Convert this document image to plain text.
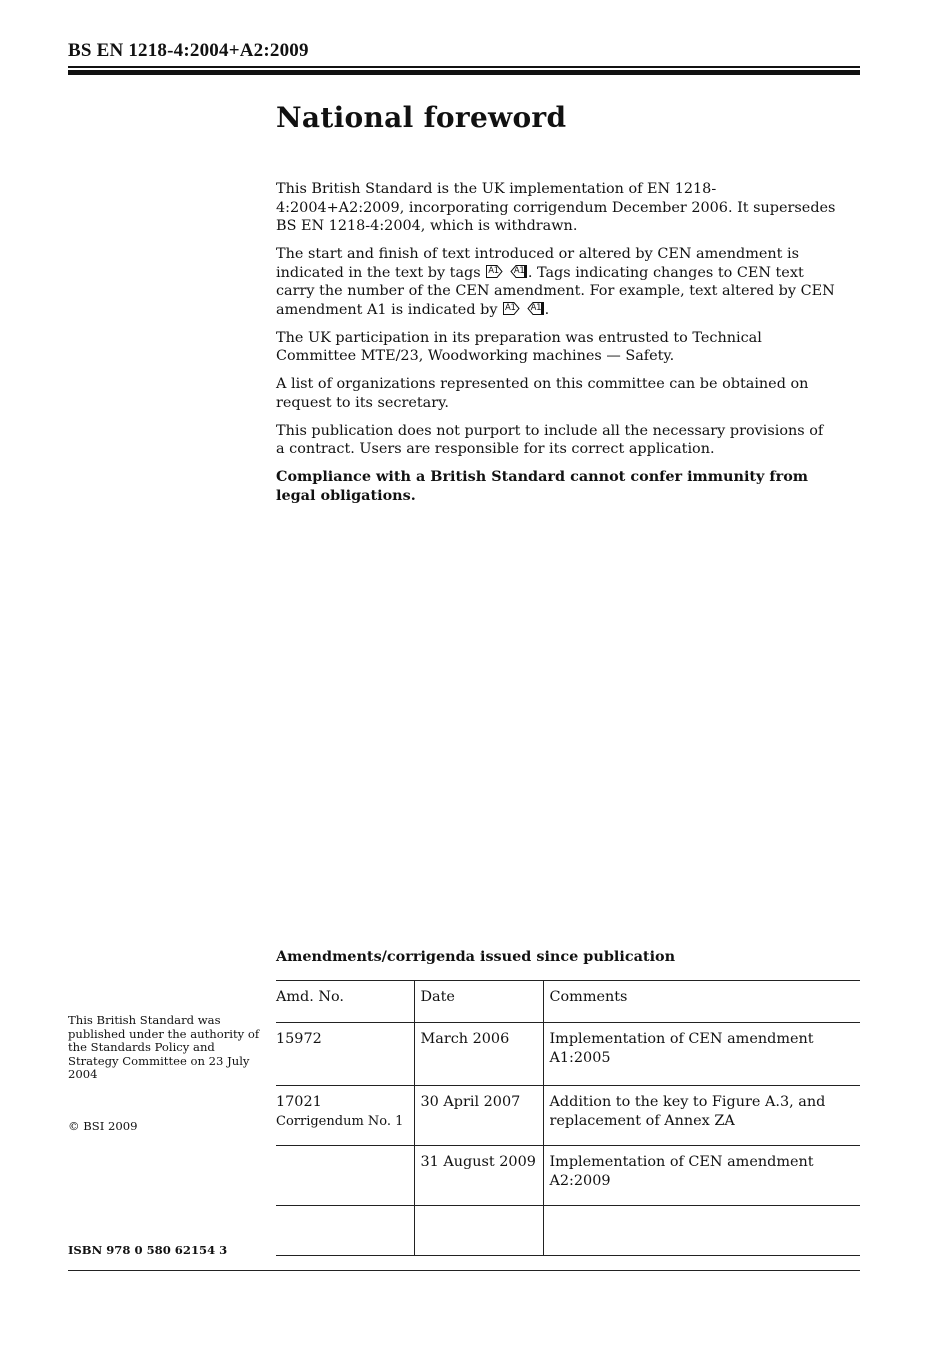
BS EN 1218-4:2004+A2:2009
National foreword

This British Standard is the UK implementation of EN 1218-4:2004+A2:2009, incorporating corrigendum December 2006. It supersedes BS EN 1218-4:2004, which is withdrawn.

The start and finish of text introduced or altered by CEN amendment is indicated in the text by tags A1
A1 . Tags indicating changes to CEN text carry the number of the CEN amendment. For example, text altered by CEN amendment A1 is indicated by A1
A1 .

The UK participation in its preparation was entrusted to Technical Committee MTE/23, Woodworking machines — Safety.

A list of organizations represented on this committee can be obtained on request to its secretary.

This publication does not purport to include all the necessary provisions of a contract. Users are responsible for its correct application.

Compliance with a British Standard cannot confer immunity from legal obligations.

Amendments/corrigenda issued since publication
Amd. No.	Date	Comments
15972	March 2006	Implementation of CEN amendment A1:2005
17021
Corrigendum No. 1	30 April 2007	Addition to the key to Figure A.3, and replacement of Annex ZA
	31 August 2009	Implementation of CEN amendment A2:2009

This British Standard was published under the authority of the Standards Policy and Strategy Committee on 23 July 2004
© BSI 2009
ISBN 978 0 580 62154 3
